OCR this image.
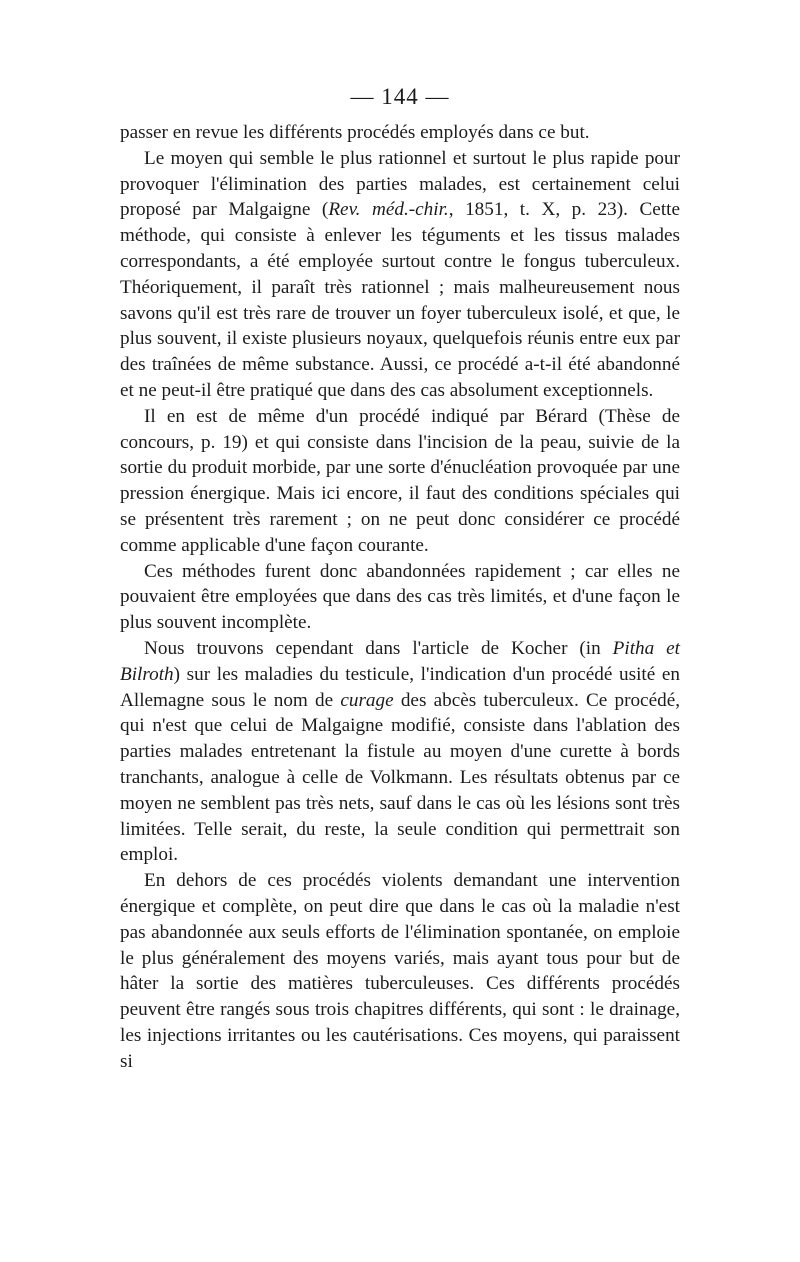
— 144 —

passer en revue les différents procédés employés dans ce but.

Le moyen qui semble le plus rationnel et surtout le plus rapide pour provoquer l'élimination des parties malades, est certainement celui proposé par Malgaigne (Rev. méd.-chir., 1851, t. X, p. 23). Cette méthode, qui consiste à enlever les téguments et les tissus malades correspondants, a été employée surtout contre le fongus tuberculeux. Théoriquement, il paraît très rationnel ; mais malheureusement nous savons qu'il est très rare de trouver un foyer tuberculeux isolé, et que, le plus souvent, il existe plusieurs noyaux, quelquefois réunis entre eux par des traînées de même substance. Aussi, ce procédé a-t-il été abandonné et ne peut-il être pratiqué que dans des cas absolument exceptionnels.

Il en est de même d'un procédé indiqué par Bérard (Thèse de concours, p. 19) et qui consiste dans l'incision de la peau, suivie de la sortie du produit morbide, par une sorte d'énucléation provoquée par une pression énergique. Mais ici encore, il faut des conditions spéciales qui se présentent très rarement ; on ne peut donc considérer ce procédé comme applicable d'une façon courante.

Ces méthodes furent donc abandonnées rapidement ; car elles ne pouvaient être employées que dans des cas très limités, et d'une façon le plus souvent incomplète.

Nous trouvons cependant dans l'article de Kocher (in Pitha et Bilroth) sur les maladies du testicule, l'indication d'un procédé usité en Allemagne sous le nom de curage des abcès tuberculeux. Ce procédé, qui n'est que celui de Malgaigne modifié, consiste dans l'ablation des parties malades entretenant la fistule au moyen d'une curette à bords tranchants, analogue à celle de Volkmann. Les résultats obtenus par ce moyen ne semblent pas très nets, sauf dans le cas où les lésions sont très limitées. Telle serait, du reste, la seule condition qui permettrait son emploi.

En dehors de ces procédés violents demandant une intervention énergique et complète, on peut dire que dans le cas où la maladie n'est pas abandonnée aux seuls efforts de l'élimination spontanée, on emploie le plus généralement des moyens variés, mais ayant tous pour but de hâter la sortie des matières tuberculeuses. Ces différents procédés peuvent être rangés sous trois chapitres différents, qui sont : le drainage, les injections irritantes ou les cautérisations. Ces moyens, qui paraissent si
